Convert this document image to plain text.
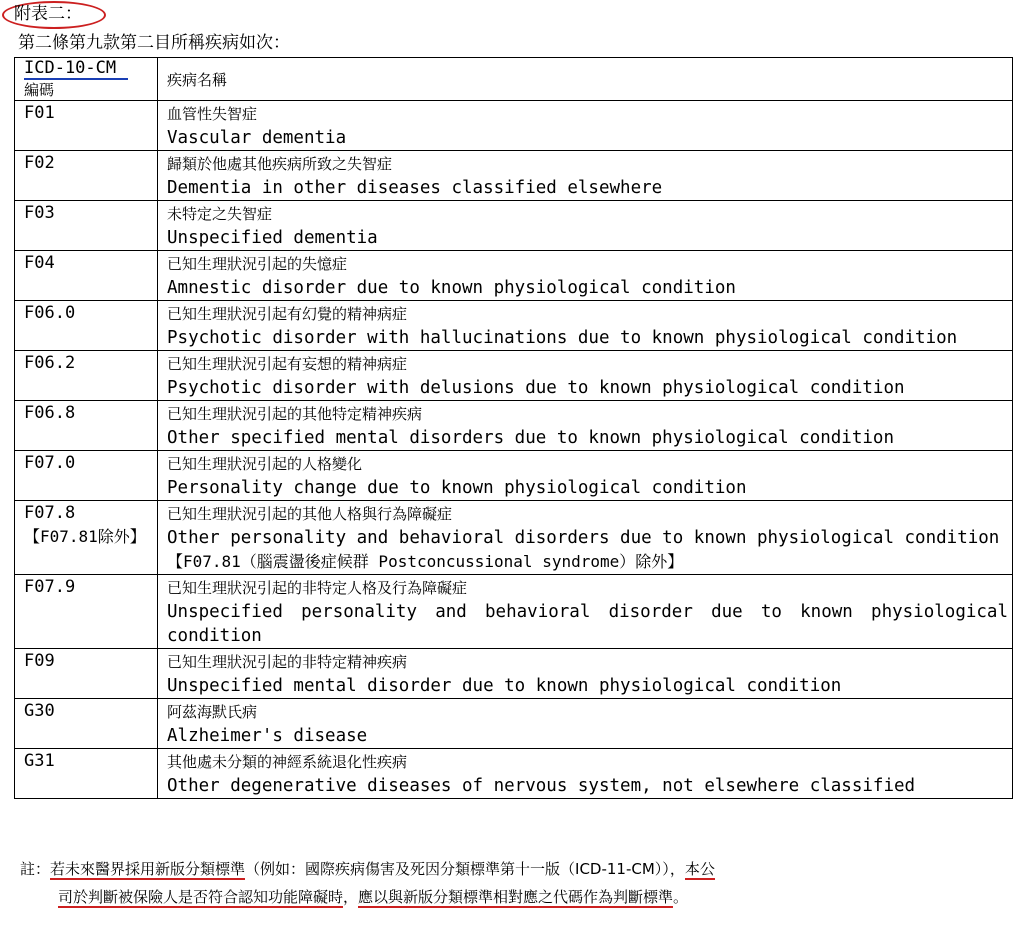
附表二：
第二條第九款第二目所稱疾病如次：
ICD-10-CM
編碼	疾病名稱

F01	血管性失智症
Vascular dementia

F02	歸類於他處其他疾病所致之失智症
Dementia in other diseases classified elsewhere

F03	未特定之失智症
Unspecified dementia

F04	已知生理狀況引起的失憶症
Amnestic disorder due to known physiological condition

F06.0	已知生理狀況引起有幻覺的精神病症
Psychotic disorder with hallucinations due to known physiological condition

F06.2	已知生理狀況引起有妄想的精神病症
Psychotic disorder with delusions due to known physiological condition

F06.8	已知生理狀況引起的其他特定精神疾病
Other specified mental disorders due to known physiological condition

F07.0	已知生理狀況引起的人格變化
Personality change due to known physiological condition

F07.8
【F07.81除外】	已知生理狀況引起的其他人格與行為障礙症
Other personality and behavioral disorders due to known physiological condition
【F07.81（腦震盪後症候群 Postconcussional syndrome）除外】

F07.9	已知生理狀況引起的非特定人格及行為障礙症
Unspecified personality and behavioral disorder due to known physiological condition

F09	已知生理狀況引起的非特定精神疾病
Unspecified mental disorder due to known physiological condition

G30	阿茲海默氏病
Alzheimer's disease

G31	其他處未分類的神經系統退化性疾病
Other degenerative diseases of nervous system, not elsewhere classified
註：若未來醫界採用新版分類標準（例如：國際疾病傷害及死因分類標準第十一版（ICD-11-CM）），本公
司於判斷被保險人是否符合認知功能障礙時，應以與新版分類標準相對應之代碼作為判斷標準。
